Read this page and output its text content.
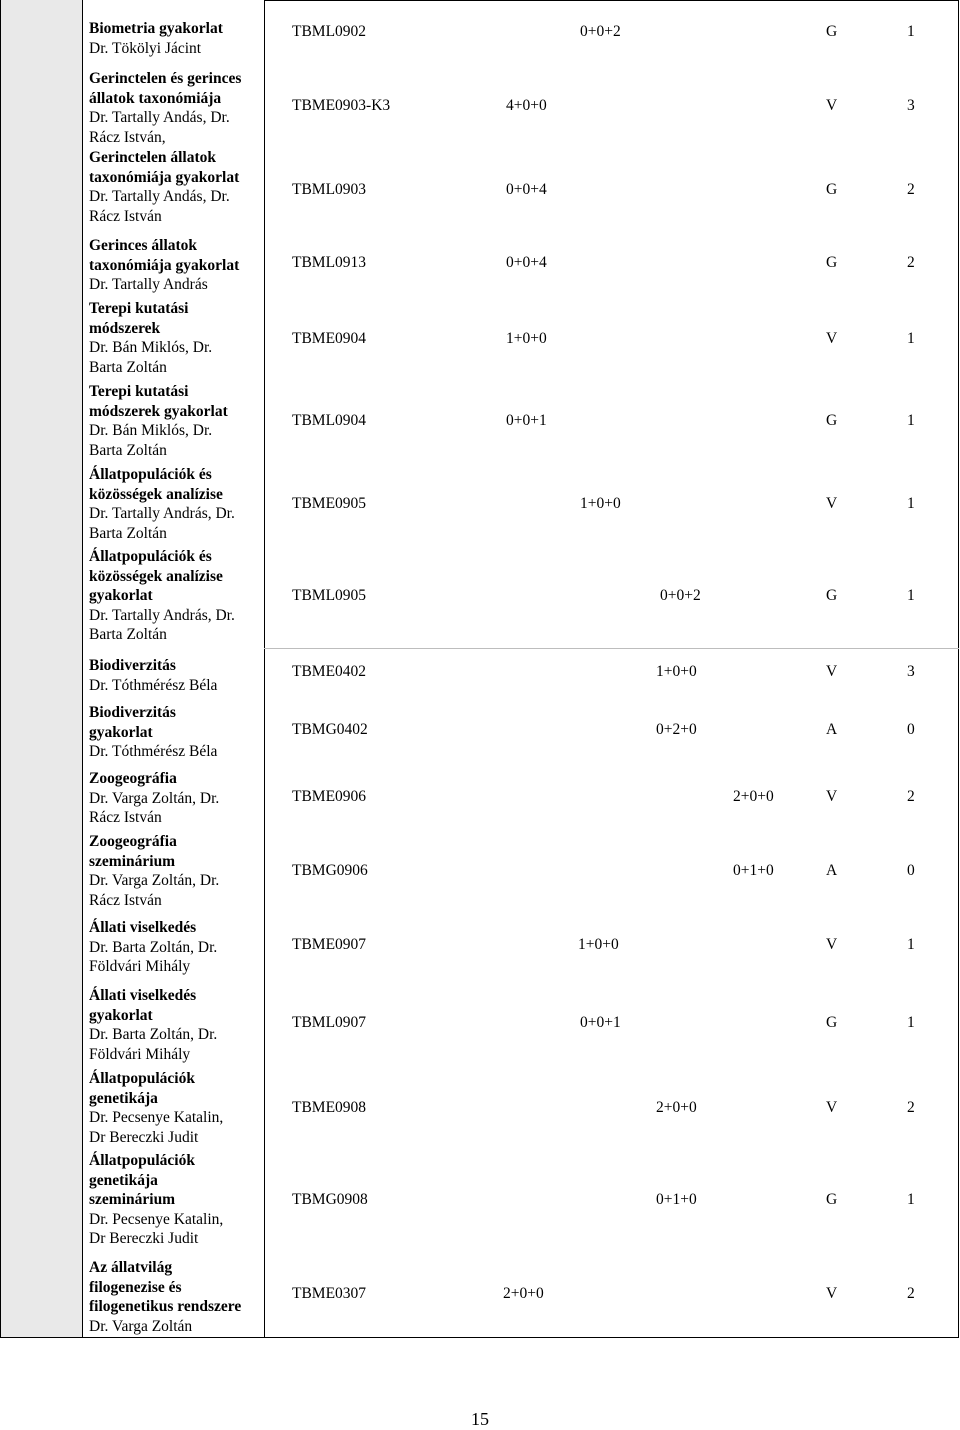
Biometria gyakorlat
Dr. Tökölyi Jácint
TBML0902	0+0+2	G	1
Gerinctelen és gerinces
állatok taxonómiája
Dr. Tartally Andás, Dr.
Rácz István,
TBME0903-K3	4+0+0	V	3
Gerinctelen állatok
taxonómiája gyakorlat
Dr. Tartally Andás, Dr.
Rácz István
TBML0903	0+0+4	G	2
Gerinces állatok
taxonómiája gyakorlat
Dr. Tartally András
TBML0913	0+0+4	G	2
Terepi kutatási
módszerek
Dr. Bán Miklós, Dr.
Barta Zoltán
TBME0904	1+0+0	V	1
Terepi kutatási
módszerek gyakorlat
Dr. Bán Miklós, Dr.
Barta Zoltán
TBML0904	0+0+1	G	1
Állatpopulációk és
közösségek analízise
Dr. Tartally András, Dr.
Barta Zoltán
TBME0905	1+0+0	V	1
Állatpopulációk és
közösségek analízise
gyakorlat
Dr. Tartally András, Dr.
Barta Zoltán
TBML0905	0+0+2	G	1
Biodiverzitás
Dr. Tóthmérész Béla
TBME0402	1+0+0	V	3
Biodiverzitás
gyakorlat
Dr. Tóthmérész Béla
TBMG0402	0+2+0	A	0
Zoogeográfia
Dr. Varga Zoltán, Dr.
Rácz István
TBME0906	2+0+0	V	2
Zoogeográfia
szeminárium
Dr. Varga Zoltán, Dr.
Rácz István
TBMG0906	0+1+0	A	0
Állati viselkedés
Dr. Barta Zoltán, Dr.
Földvári Mihály
TBME0907	1+0+0	V	1
Állati viselkedés
gyakorlat
Dr. Barta Zoltán, Dr.
Földvári Mihály
TBML0907	0+0+1	G	1
Állatpopulációk
genetikája
Dr. Pecsenye Katalin,
Dr Bereczki Judit
TBME0908	2+0+0	V	2
Állatpopulációk
genetikája
szeminárium
Dr. Pecsenye Katalin,
Dr Bereczki Judit
TBMG0908	0+1+0	G	1
Az állatvilág
filogenezise és
filogenetikus rendszere
Dr. Varga Zoltán
TBME0307	2+0+0	V	2
15
